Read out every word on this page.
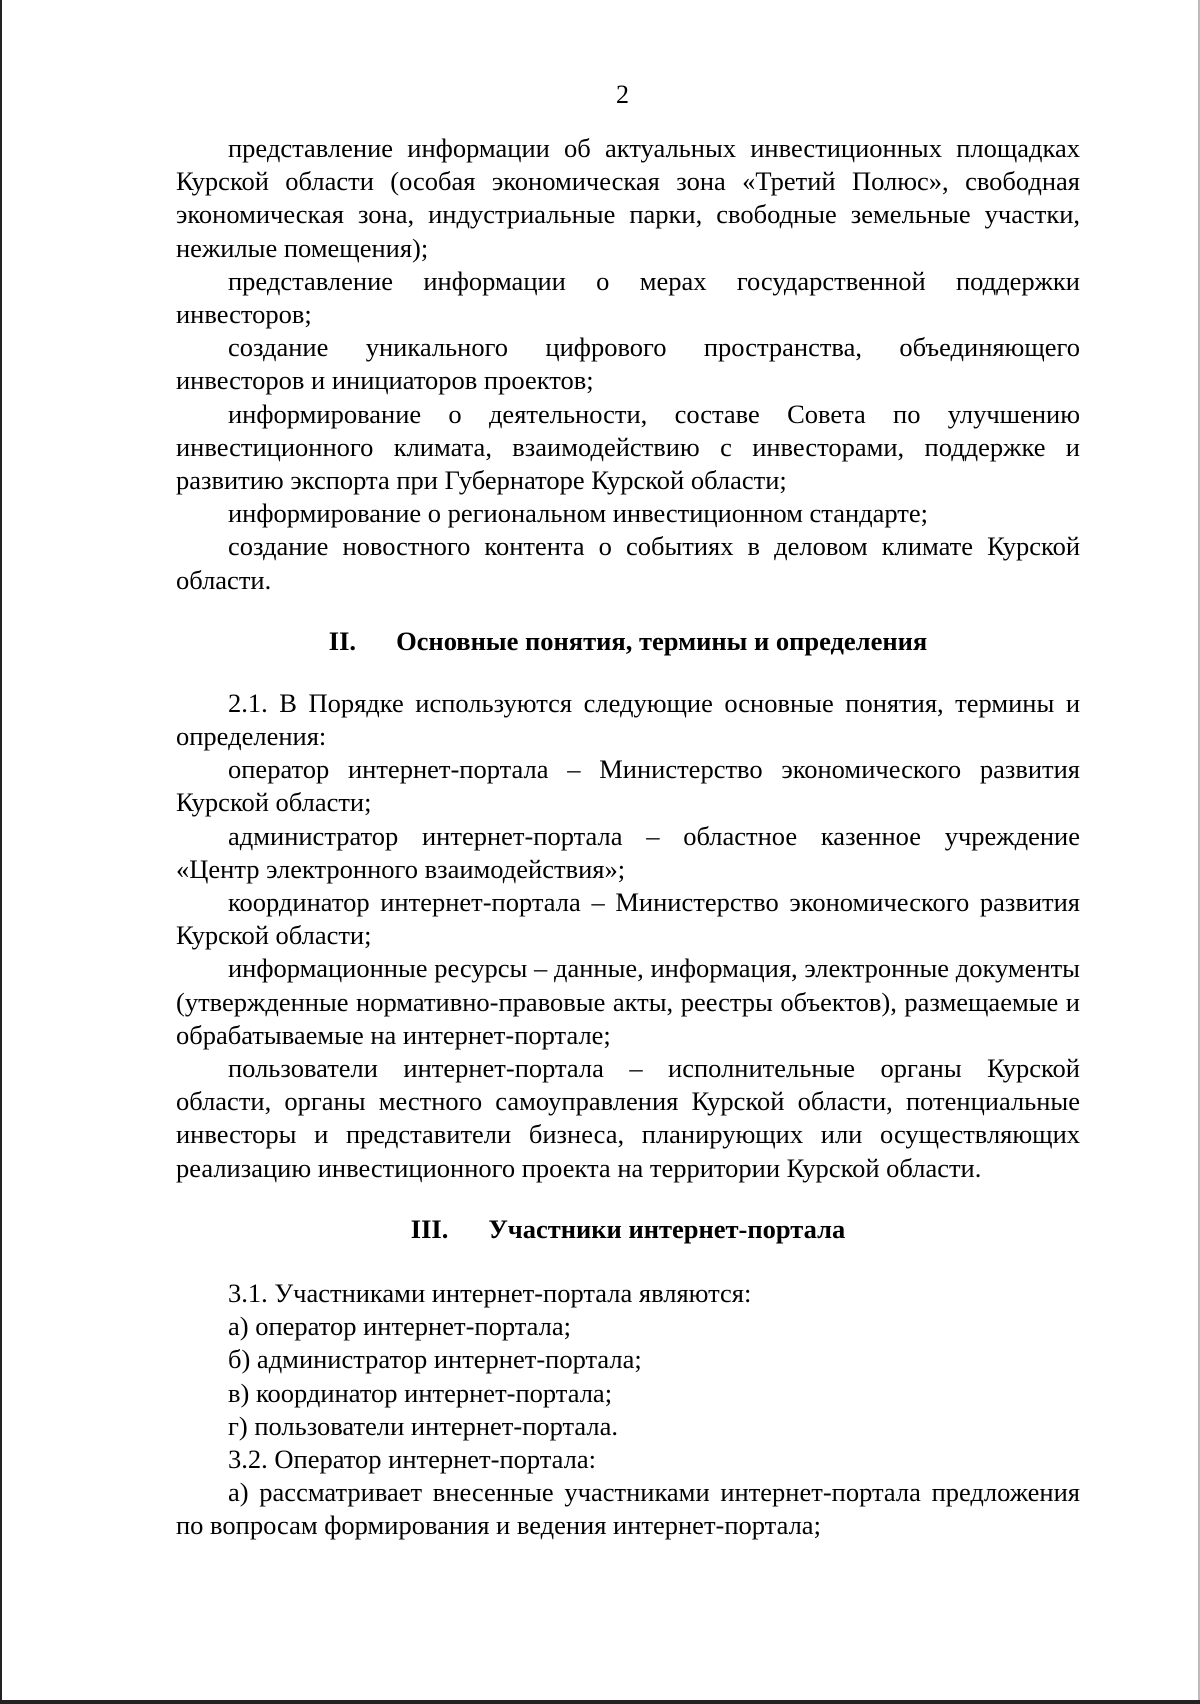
2

представление информации об актуальных инвестиционных площадках Курской области (особая экономическая зона «Третий Полюс», свободная экономическая зона, индустриальные парки, свободные земельные участки, нежилые помещения);

представление информации о мерах государственной поддержки инвесторов;

создание уникального цифрового пространства, объединяющего инвесторов и инициаторов проектов;

информирование о деятельности, составе Совета по улучшению инвестиционного климата, взаимодействию с инвесторами, поддержке и развитию экспорта при Губернаторе Курской области;

информирование о региональном инвестиционном стандарте;

создание новостного контента о событиях в деловом климате Курской области.

II. Основные понятия, термины и определения

2.1. В Порядке используются следующие основные понятия, термины и определения:

оператор интернет-портала – Министерство экономического развития Курской области;

администратор интернет-портала – областное казенное учреждение «Центр электронного взаимодействия»;

координатор интернет-портала – Министерство экономического развития Курской области;

информационные ресурсы – данные, информация, электронные документы (утвержденные нормативно-правовые акты, реестры объектов), размещаемые и обрабатываемые на интернет-портале;

пользователи интернет-портала – исполнительные органы Курской области, органы местного самоуправления Курской области, потенциальные инвесторы и представители бизнеса, планирующих или осуществляющих реализацию инвестиционного проекта на территории Курской области.

III. Участники интернет-портала

3.1. Участниками интернет-портала являются:

а) оператор интернет-портала;

б) администратор интернет-портала;

в) координатор интернет-портала;

г) пользователи интернет-портала.

3.2. Оператор интернет-портала:

а) рассматривает внесенные участниками интернет-портала предложения по вопросам формирования и ведения интернет-портала;
